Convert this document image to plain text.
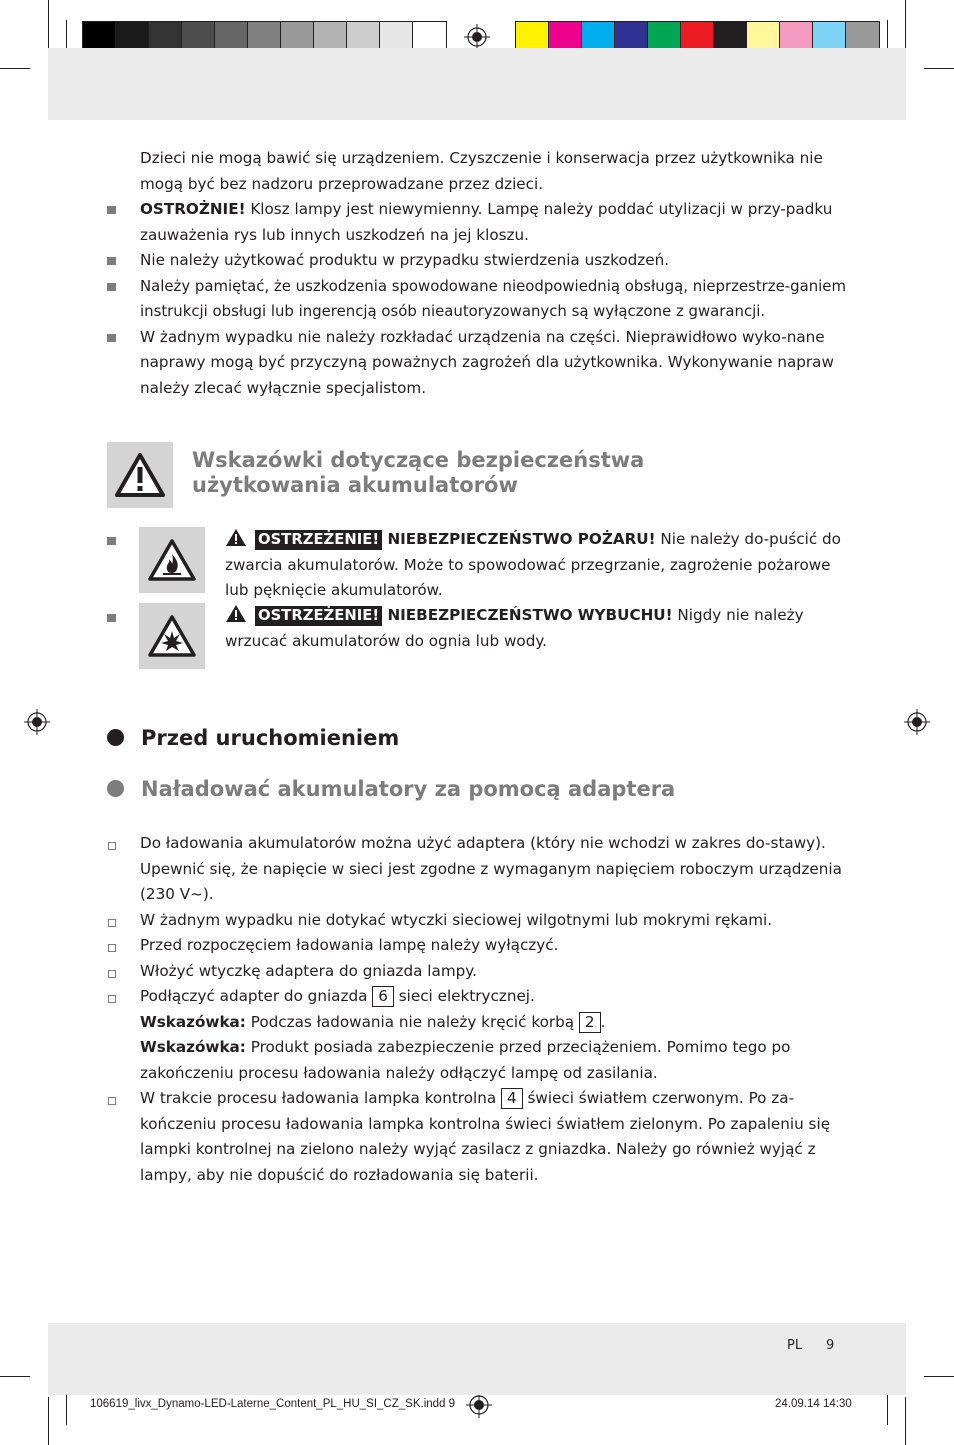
Dzieci nie mogą bawić się urządzeniem. Czyszczenie i konserwacja przez użytkownika nie mogą być bez nadzoru przeprowadzane przez dzieci.
OSTROŻNIE! Klosz lampy jest niewymienny. Lampę należy poddać utylizacji w przy-padku zauważenia rys lub innych uszkodzeń na jej kloszu.
Nie należy użytkować produktu w przypadku stwierdzenia uszkodzeń.
Należy pamiętać, że uszkodzenia spowodowane nieodpowiednią obsługą, nieprzestrze-ganiem instrukcji obsługi lub ingerencją osób nieautoryzowanych są wyłączone z gwarancji.
W żadnym wypadku nie należy rozkładać urządzenia na części. Nieprawidłowo wyko-nane naprawy mogą być przyczyną poważnych zagrożeń dla użytkownika. Wykonywanie napraw należy zlecać wyłącznie specjalistom.
Wskazówki dotyczące bezpieczeństwa
użytkowania akumulatorów
OSTRZEŻENIE! NIEBEZPIECZEŃSTWO POŻARU! Nie należy do-puścić do zwarcia akumulatorów. Może to spowodować przegrzanie, zagrożenie pożarowe lub pęknięcie akumulatorów.
OSTRZEŻENIE! NIEBEZPIECZEŃSTWO WYBUCHU! Nigdy nie należy wrzucać akumulatorów do ognia lub wody.
Przed uruchomieniem
Naładować akumulatory za pomocą adaptera
Do ładowania akumulatorów można użyć adaptera (który nie wchodzi w zakres do-stawy). Upewnić się, że napięcie w sieci jest zgodne z wymaganym napięciem roboczym urządzenia (230 V~).
W żadnym wypadku nie dotykać wtyczki sieciowej wilgotnymi lub mokrymi rękami.
Przed rozpoczęciem ładowania lampę należy wyłączyć.
Włożyć wtyczkę adaptera do gniazda lampy.
Podłączyć adapter do gniazda 6 sieci elektrycznej.
Wskazówka: Podczas ładowania nie należy kręcić korbą 2 .
Wskazówka: Produkt posiada zabezpieczenie przed przeciążeniem. Pomimo tego po zakończeniu procesu ładowania należy odłączyć lampę od zasilania.
W trakcie procesu ładowania lampka kontrolna 4 świeci światłem czerwonym. Po za-kończeniu procesu ładowania lampka kontrolna świeci światłem zielonym. Po zapaleniu się lampki kontrolnej na zielono należy wyjąć zasilacz z gniazdka. Należy go również wyjąć z lampy, aby nie dopuścić do rozładowania się baterii.
PL 9
106619_livx_Dynamo-LED-Laterne_Content_PL_HU_SI_CZ_SK.indd 9	24.09.14 14:30
